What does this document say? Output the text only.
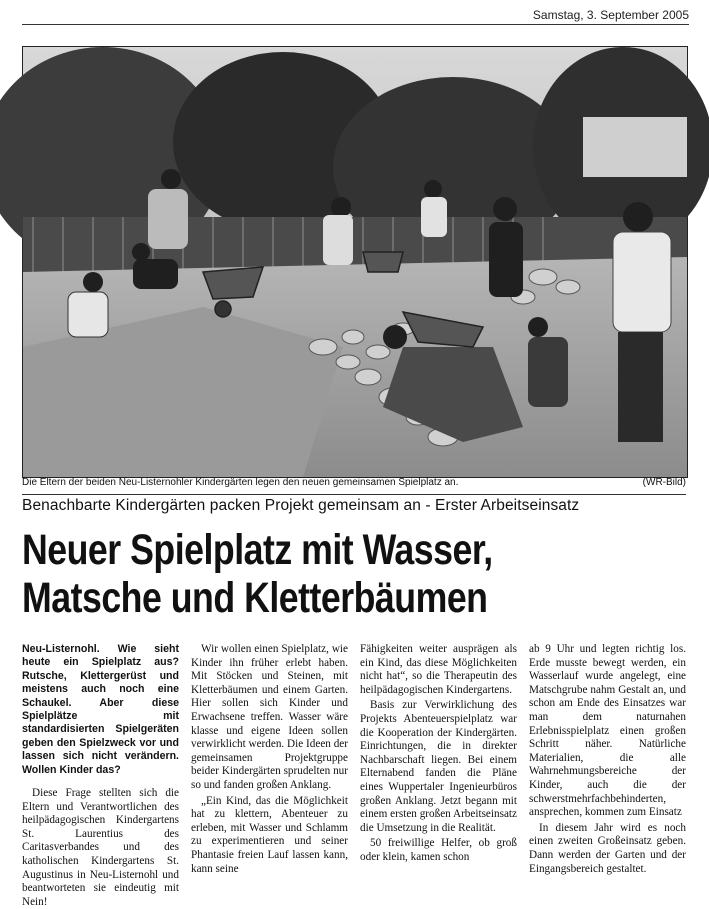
Samstag, 3. September 2005
Die Eltern der beiden Neu-Listernohler Kindergärten legen den neuen gemeinsamen Spielplatz an.	(WR-Bild)
Benachbarte Kindergärten packen Projekt gemeinsam an - Erster Arbeitseinsatz
Neuer Spielplatz mit Wasser,
Matsche und Kletterbäumen

Neu-Listernohl. Wie sieht heute ein Spielplatz aus? Rutsche, Klettergerüst und meistens auch noch eine Schaukel. Aber diese Spielplätze mit standardisierten Spielgeräten geben den Spielzweck vor und lassen sich nicht verändern. Wollen Kinder das?

Diese Frage stellten sich die Eltern und Verantwortlichen des heilpädagogischen Kindergartens St. Laurentius des Caritasverbandes und des katholischen Kindergartens St. Augustinus in Neu-Listernohl und beantworteten sie eindeutig mit Nein!

Wir wollen einen Spielplatz, wie Kinder ihn früher erlebt haben. Mit Stöcken und Steinen, mit Kletterbäumen und einem Garten. Hier sollen sich Kinder und Erwachsene treffen. Wasser wäre klasse und eigene Ideen sollen verwirklicht werden. Die Ideen der gemeinsamen Projektgruppe beider Kindergärten sprudelten nur so und fanden großen Anklang.

„Ein Kind, das die Möglichkeit hat zu klettern, Abenteuer zu erleben, mit Wasser und Schlamm zu experimentieren und seiner Phantasie freien Lauf lassen kann, kann seine

Fähigkeiten weiter ausprägen als ein Kind, das diese Möglichkeiten nicht hat“, so die Therapeutin des heilpädagogischen Kindergartens.

Basis zur Verwirklichung des Projekts Abenteuerspielplatz war die Kooperation der Kindergärten. Einrichtungen, die in direkter Nachbarschaft liegen. Bei einem Elternabend fanden die Pläne eines Wuppertaler Ingenieurbüros großen Anklang. Jetzt begann mit einem ersten großen Arbeitseinsatz die Umsetzung in die Realität.

50 freiwillige Helfer, ob groß oder klein, kamen schon

ab 9 Uhr und legten richtig los. Erde musste bewegt werden, ein Wasserlauf wurde angelegt, eine Matschgrube nahm Gestalt an, und schon am Ende des Einsatzes war man dem naturnahen Erlebnisspielplatz einen großen Schritt näher. Natürliche Materialien, die alle Wahrnehmungsbereiche der Kinder, auch die der schwerstmehrfachbehinderten, ansprechen, kommen zum Einsatz

In diesem Jahr wird es noch einen zweiten Großeinsatz geben. Dann werden der Garten und der Eingangsbereich gestaltet.
